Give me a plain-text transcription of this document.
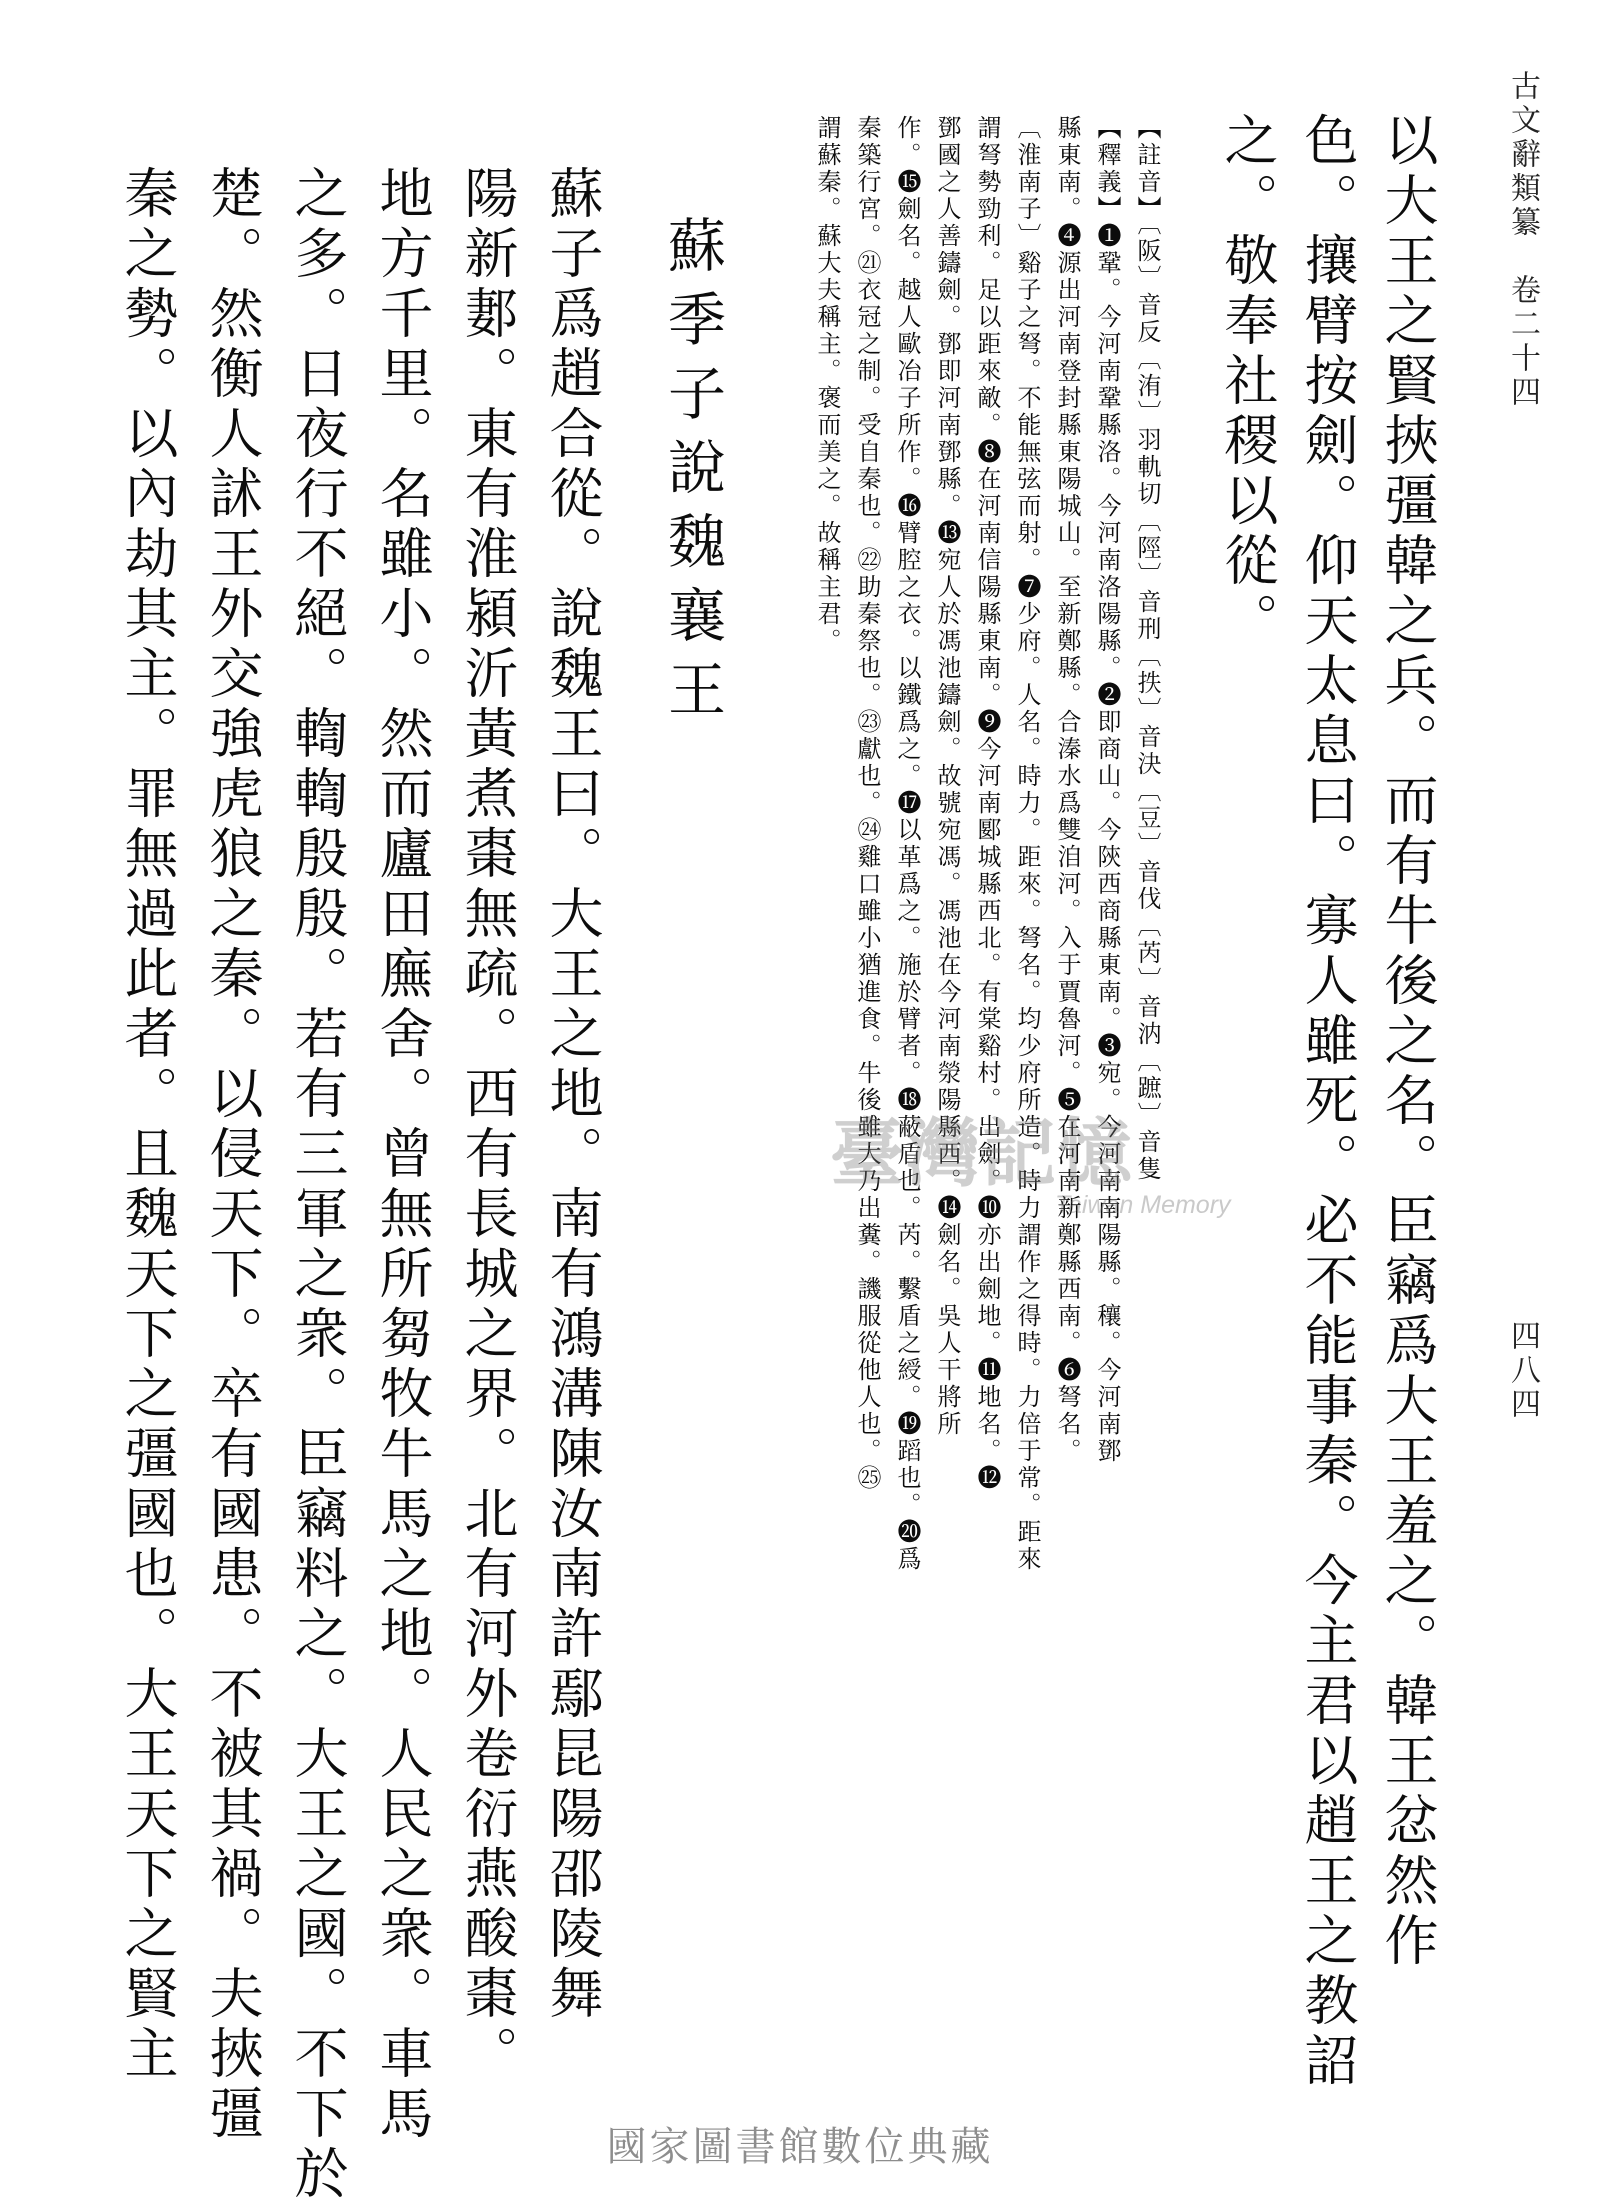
古文辭類纂　卷二十四
四八四
以大王之賢挾彊韓之兵。而有牛後之名。臣竊爲大王羞之。韓王忿然作
色。攘臂按劍。仰天太息曰。寡人雖死。必不能事秦。今主君以趙王之教詔
之。敬奉社稷以從。
【註音】〔阪〕音反〔洧〕羽軌切〔陘〕音刑〔抶〕音決〔豆〕音伐〔芮〕音汭〔蹠〕音隻
【釋義】❶鞏。今河南鞏縣洛。今河南洛陽縣。❷即商山。今陝西商縣東南。❸宛。今河南南陽縣。穰。今河南鄧
縣東南。❹源出河南登封縣東陽城山。至新鄭縣。合溱水爲雙洎河。入于賈魯河。❺在河南新鄭縣西南。❻弩名。
〔淮南子〕谿子之弩。不能無弦而射。❼少府。人名。時力。距來。弩名。均少府所造。時力謂作之得時。力倍于常。距來
謂弩勢勁利。足以距來敵。❽在河南信陽縣東南。❾今河南郾城縣西北。有棠谿村。出劍。❿亦出劍地。⓫地名。⓬
鄧國之人善鑄劍。鄧即河南鄧縣。⓭宛人於馮池鑄劍。故號宛馮。馮池在今河南滎陽縣西。⓮劍名。吳人干將所
作。⓯劍名。越人歐冶子所作。⓰臂腔之衣。以鐵爲之。⓱以革爲之。施於臂者。⓲蔽盾也。芮。繫盾之綬。⓳蹈也。⓴爲
秦築行宮。㉑衣冠之制。受自秦也。㉒助秦祭也。㉓獻也。㉔雞口雖小猶進食。牛後雖大乃出糞。譏服從他人也。㉕
謂蘇秦。蘇大夫稱主。褒而美之。故稱主君。
蘇季子說魏襄王
蘇子爲趙合從。說魏王曰。大王之地。南有鴻溝陳汝南許鄢昆陽邵陵舞
陽新郪。東有淮潁沂黃煮棗無疏。西有長城之界。北有河外卷衍燕酸棗。
地方千里。名雖小。然而廬田廡舍。曾無所芻牧牛馬之地。人民之衆。車馬
之多。日夜行不絕。輷輷殷殷。若有三軍之衆。臣竊料之。大王之國。不下於
楚。然衡人訹王外交強虎狼之秦。以侵天下。卒有國患。不被其禍。夫挾彊
秦之勢。以內劫其主。罪無過此者。且魏天下之彊國也。大王天下之賢主	臺灣記憶
Taiwan Memory
國家圖書館數位典藏
